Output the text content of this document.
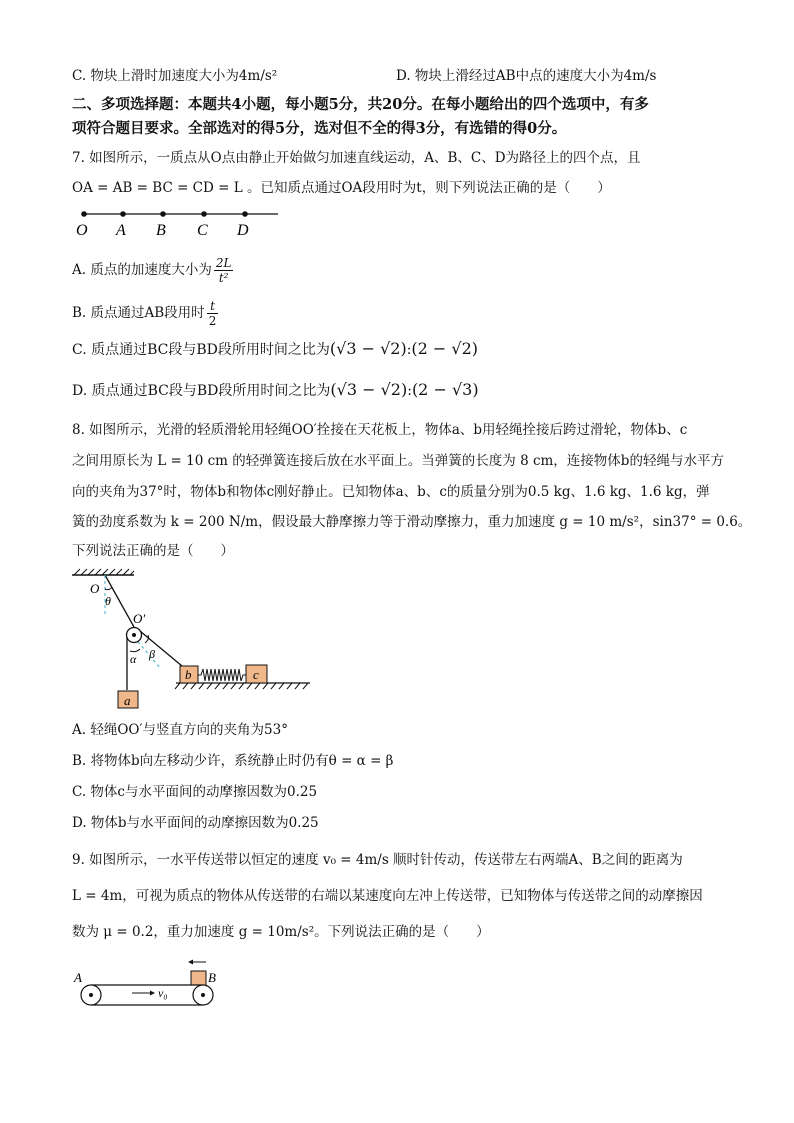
C. 物块上滑时加速度大小为4m/s²	D. 物块上滑经过AB中点的速度大小为4m/s
二、多项选择题：本题共4小题，每小题5分，共20分。在每小题给出的四个选项中，有多
项符合题目要求。全部选对的得5分，选对但不全的得3分，有选错的得0分。
7. 如图所示，一质点从O点由静止开始做匀加速直线运动，A、B、C、D为路径上的四个点，且
OA = AB = BC = CD = L 。已知质点通过OA段用时为t，则下列说法正确的是（　　）
O A B C D
A. 质点的加速度大小为 $\frac{2L}{\text{t²}}$
B. 质点通过AB段用时 $\frac{t}{2}$
C. 质点通过BC段与BD段所用时间之比为(√3 − √2):(2 − √2)
D. 质点通过BC段与BD段所用时间之比为(√3 − √2):(2 − √3)
8. 如图所示，光滑的轻质滑轮用轻绳OO′拴接在天花板上，物体a、b用轻绳拴接后跨过滑轮，物体b、c
之间用原长为 L = 10 cm 的轻弹簧连接后放在水平面上。当弹簧的长度为 8 cm，连接物体b的轻绳与水平方
向的夹角为37°时，物体b和物体c刚好静止。已知物体a、b、c的质量分别为0.5 kg、1.6 kg、1.6 kg，弹
簧的劲度系数为 k = 200 N/m，假设最大静摩擦力等于滑动摩擦力，重力加速度 g = 10 m/s²，sin37° = 0.6。
下列说法正确的是（　　）
O
θ
O′
α β
a
b	c
A. 轻绳OO′与竖直方向的夹角为53°
B. 将物体b向左移动少许，系统静止时仍有θ = α = β
C. 物体c与水平面间的动摩擦因数为0.25
D. 物体b与水平面间的动摩擦因数为0.25
9. 如图所示，一水平传送带以恒定的速度 v₀ = 4m/s 顺时针传动，传送带左右两端A、B之间的距离为
L = 4m，可视为质点的物体从传送带的右端以某速度向左冲上传送带，已知物体与传送带之间的动摩擦因
数为 μ = 0.2，重力加速度 g = 10m/s²。下列说法正确的是（　　）
A	B
v₀
